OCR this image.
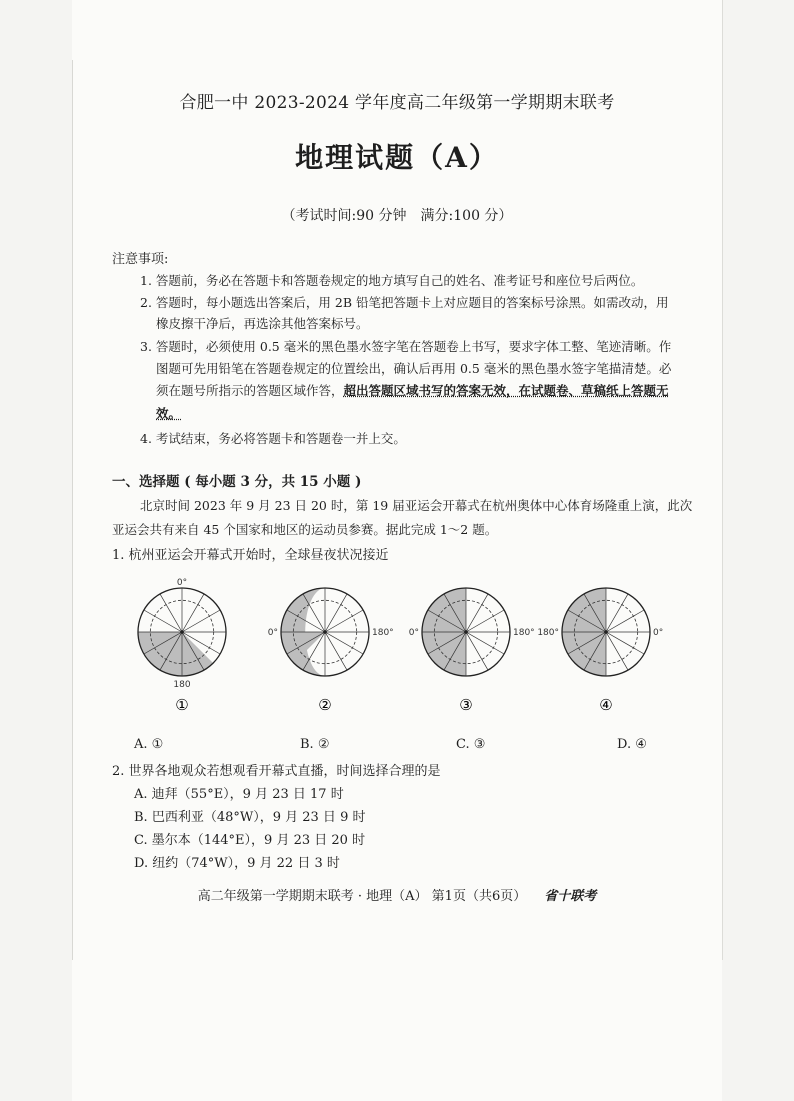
合肥一中 2023-2024 学年度高二年级第一学期期末联考
地理试题（A）
（考试时间:90 分钟　满分:100 分）
注意事项:
1. 答题前，务必在答题卡和答题卷规定的地方填写自己的姓名、准考证号和座位号后两位。
2. 答题时，每小题选出答案后，用 2B 铅笔把答题卡上对应题目的答案标号涂黑。如需改动，用
橡皮擦干净后，再选涂其他答案标号。
3. 答题时，必须使用 0.5 毫米的黑色墨水签字笔在答题卷上书写，要求字体工整、笔迹清晰。作
图题可先用铅笔在答题卷规定的位置绘出，确认后再用 0.5 毫米的黑色墨水签字笔描清楚。必
须在题号所指示的答题区域作答，超出答题区域书写的答案无效，在试题卷、草稿纸上答题无
效。
4. 考试结束，务必将答题卡和答题卷一并上交。
一、选择题 ( 每小题 3 分，共 15 小题 )
北京时间 2023 年 9 月 23 日 20 时，第 19 届亚运会开幕式在杭州奥体中心体育场隆重上演，此次
亚运会共有来自 45 个国家和地区的运动员参赛。据此完成 1～2 题。
1. 杭州亚运会开幕式开始时，全球昼夜状况接近
0°
180
①
0°	180°
②
0°	180°
③
180°	0°
④
A. ①	B. ②	C. ③	D. ④
2. 世界各地观众若想观看开幕式直播，时间选择合理的是
A. 迪拜（55°E），9 月 23 日 17 时
B. 巴西利亚（48°W），9 月 23 日 9 时
C. 墨尔本（144°E），9 月 23 日 20 时
D. 纽约（74°W），9 月 22 日 3 时
高二年级第一学期期末联考 · 地理（A） 第1页（共6页） 省十联考
